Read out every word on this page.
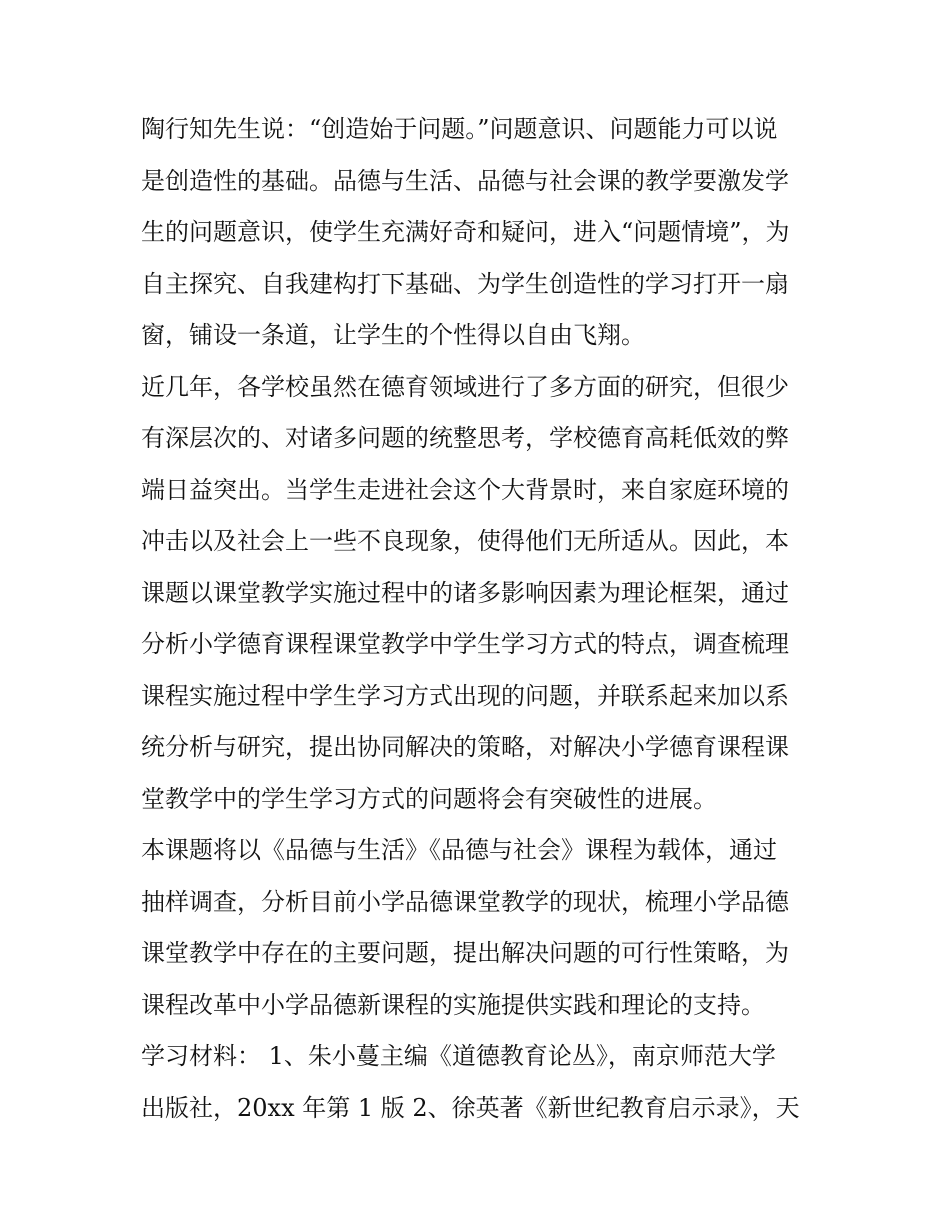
陶行知先生说：“创造始于问题。”问题意识、问题能力可以说
是创造性的基础。品德与生活、品德与社会课的教学要激发学
生的问题意识，使学生充满好奇和疑问，进入“问题情境”，为
自主探究、自我建构打下基础、为学生创造性的学习打开一扇
窗，铺设一条道，让学生的个性得以自由飞翔。

近几年，各学校虽然在德育领域进行了多方面的研究，但很少
有深层次的、对诸多问题的统整思考，学校德育高耗低效的弊
端日益突出。当学生走进社会这个大背景时，来自家庭环境的
冲击以及社会上一些不良现象，使得他们无所适从。因此，本
课题以课堂教学实施过程中的诸多影响因素为理论框架，通过
分析小学德育课程课堂教学中学生学习方式的特点，调查梳理
课程实施过程中学生学习方式出现的问题，并联系起来加以系
统分析与研究，提出协同解决的策略，对解决小学德育课程课
堂教学中的学生学习方式的问题将会有突破性的进展。

本课题将以《品德与生活》《品德与社会》课程为载体，通过
抽样调查，分析目前小学品德课堂教学的现状，梳理小学品德
课堂教学中存在的主要问题，提出解决问题的可行性策略，为
课程改革中小学品德新课程的实施提供实践和理论的支持。

学习材料： 1、朱小蔓主编《道德教育论丛》，南京师范大学
出版社，20xx 年第 1 版 2、徐英著《新世纪教育启示录》，天
